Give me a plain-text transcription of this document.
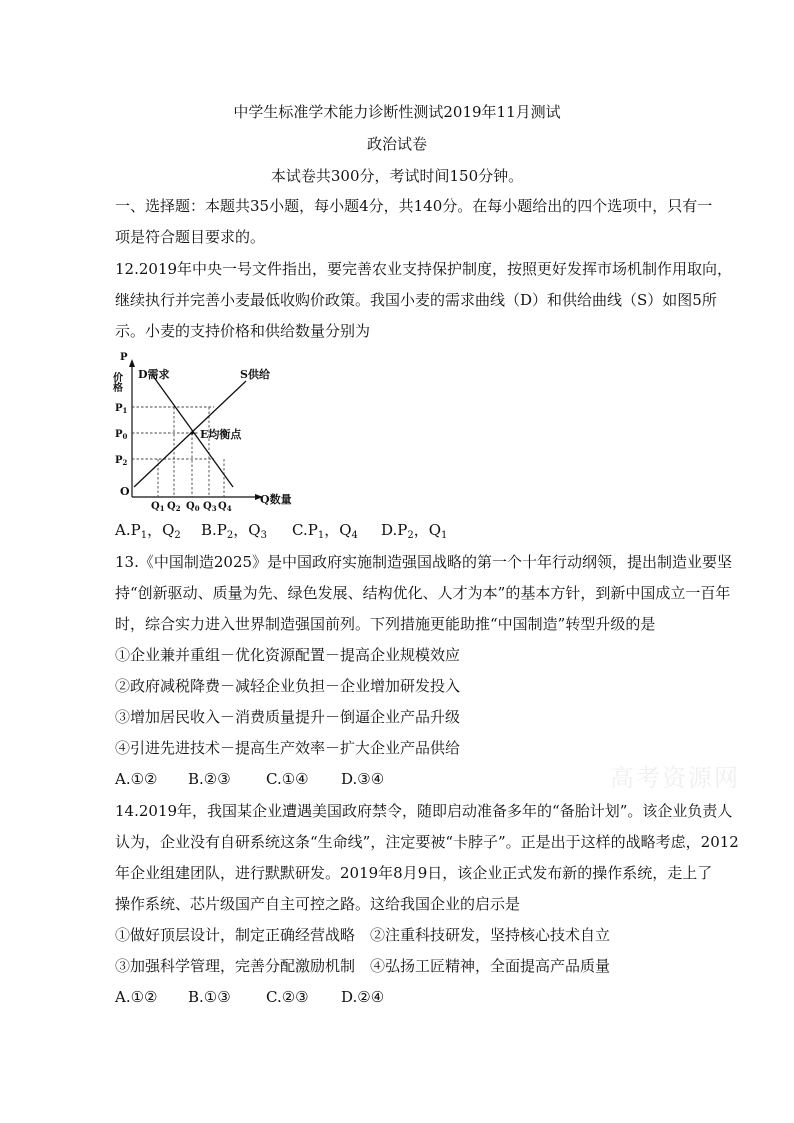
中学生标准学术能力诊断性测试2019年11月测试
政治试卷
本试卷共300分，考试时间150分钟。
一、选择题：本题共35小题，每小题4分，共140分。在每小题给出的四个选项中，只有一
项是符合题目要求的。
12.2019年中央一号文件指出，要完善农业支持保护制度，按照更好发挥市场机制作用取向，
继续执行并完善小麦最低收购价政策。我国小麦的需求曲线（D）和供给曲线（S）如图5所
示。小麦的支持价格和供给数量分别为
P
价格
O
Q数量
D需求	S供给
E均衡点
$P_1$
$P_0$
$P_2$
$Q_1$ $Q_2$ $Q_0$ $Q_3$ $Q_4$
$A.P_1$，$Q_2$ $B.P_2$，$Q_3$ $C.P_1$，$Q_4$ $D.P_2$，$Q_1$
13.《中国制造2025》是中国政府实施制造强国战略的第一个十年行动纲领，提出制造业要坚
持“创新驱动、质量为先、绿色发展、结构优化、人才为本”的基本方针，到新中国成立一百年
时，综合实力进入世界制造强国前列。下列措施更能助推“中国制造”转型升级的是
①企业兼并重组－优化资源配置－提高企业规模效应
②政府减税降费－减轻企业负担－企业增加研发投入
③增加居民收入－消费质量提升－倒逼企业产品升级
④引进先进技术－提高生产效率－扩大企业产品供给
A.①② B.②③ C.①④ D.③④
14.2019年，我国某企业遭遇美国政府禁令，随即启动准备多年的“备胎计划”。该企业负责人
认为，企业没有自研系统这条“生命线”，注定要被“卡脖子”。正是出于这样的战略考虑，2012
年企业组建团队，进行默默研发。2019年8月9日，该企业正式发布新的操作系统，走上了
操作系统、芯片级国产自主可控之路。这给我国企业的启示是
①做好顶层设计，制定正确经营战略 ②注重科技研发，坚持核心技术自立
③加强科学管理，完善分配激励机制 ④弘扬工匠精神，全面提高产品质量
A.①② B.①③ C.②③ D.②④
高考资源网
